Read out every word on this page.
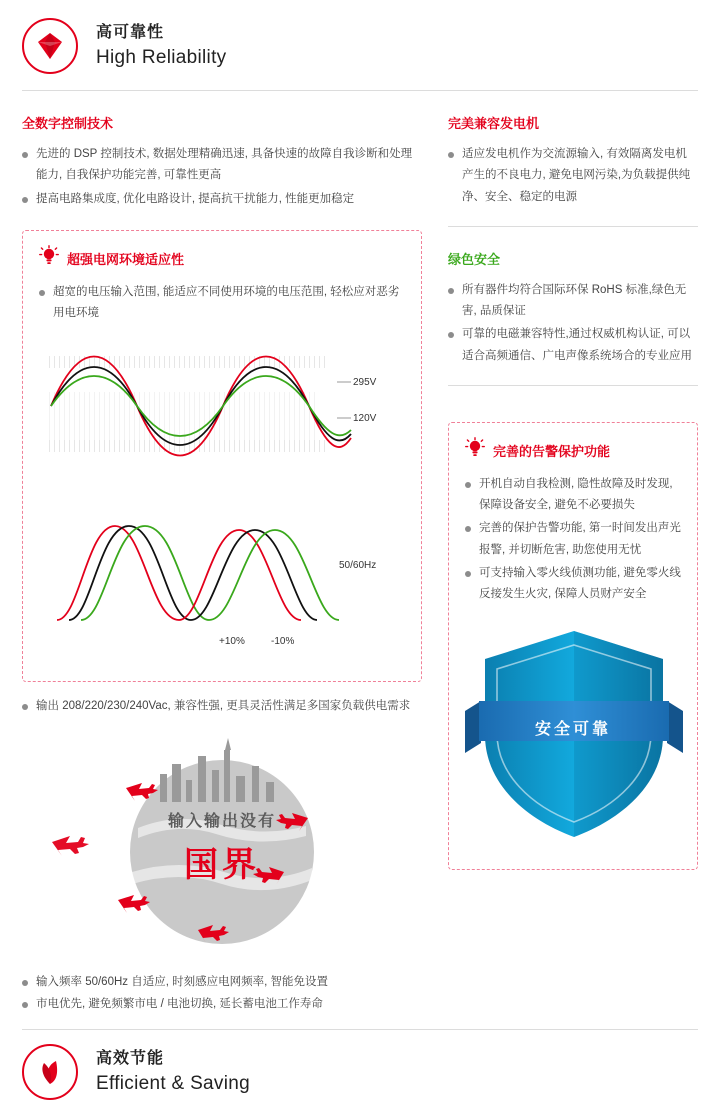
高可靠性
High Reliability
全数字控制技术
先进的 DSP 控制技术, 数据处理精确迅速, 具备快速的故障自我诊断和处理能力, 自我保护功能完善, 可靠性更高
提高电路集成度, 优化电路设计, 提高抗干扰能力, 性能更加稳定
超强电网环境适应性
超宽的电压输入范围, 能适应不同使用环境的电压范围, 轻松应对恶劣用电环境
295V
120V
50/60Hz
+10%	-10%
输出 208/220/230/240Vac, 兼容性强, 更具灵活性满足多国家负载供电需求
输入输出没有
国界
输入频率 50/60Hz 自适应, 时刻感应电网频率, 智能免设置
市电优先, 避免频繁市电 / 电池切换, 延长蓄电池工作寿命
完美兼容发电机
适应发电机作为交流源输入, 有效隔离发电机产生的不良电力, 避免电网污染,为负载提供纯净、安全、稳定的电源
绿色安全
所有器件均符合国际环保 RoHS 标准,绿色无害, 品质保证
可靠的电磁兼容特性,通过权威机构认证, 可以适合高频通信、广电声像系统场合的专业应用
完善的告警保护功能
开机自动自我检测, 隐性故障及时发现, 保障设备安全, 避免不必要损失
完善的保护告警功能, 第一时间发出声光报警, 并切断危害, 助您使用无忧
可支持输入零火线侦测功能, 避免零火线反接发生火灾, 保障人员财产安全
安全可靠
高效节能
Efficient & Saving
